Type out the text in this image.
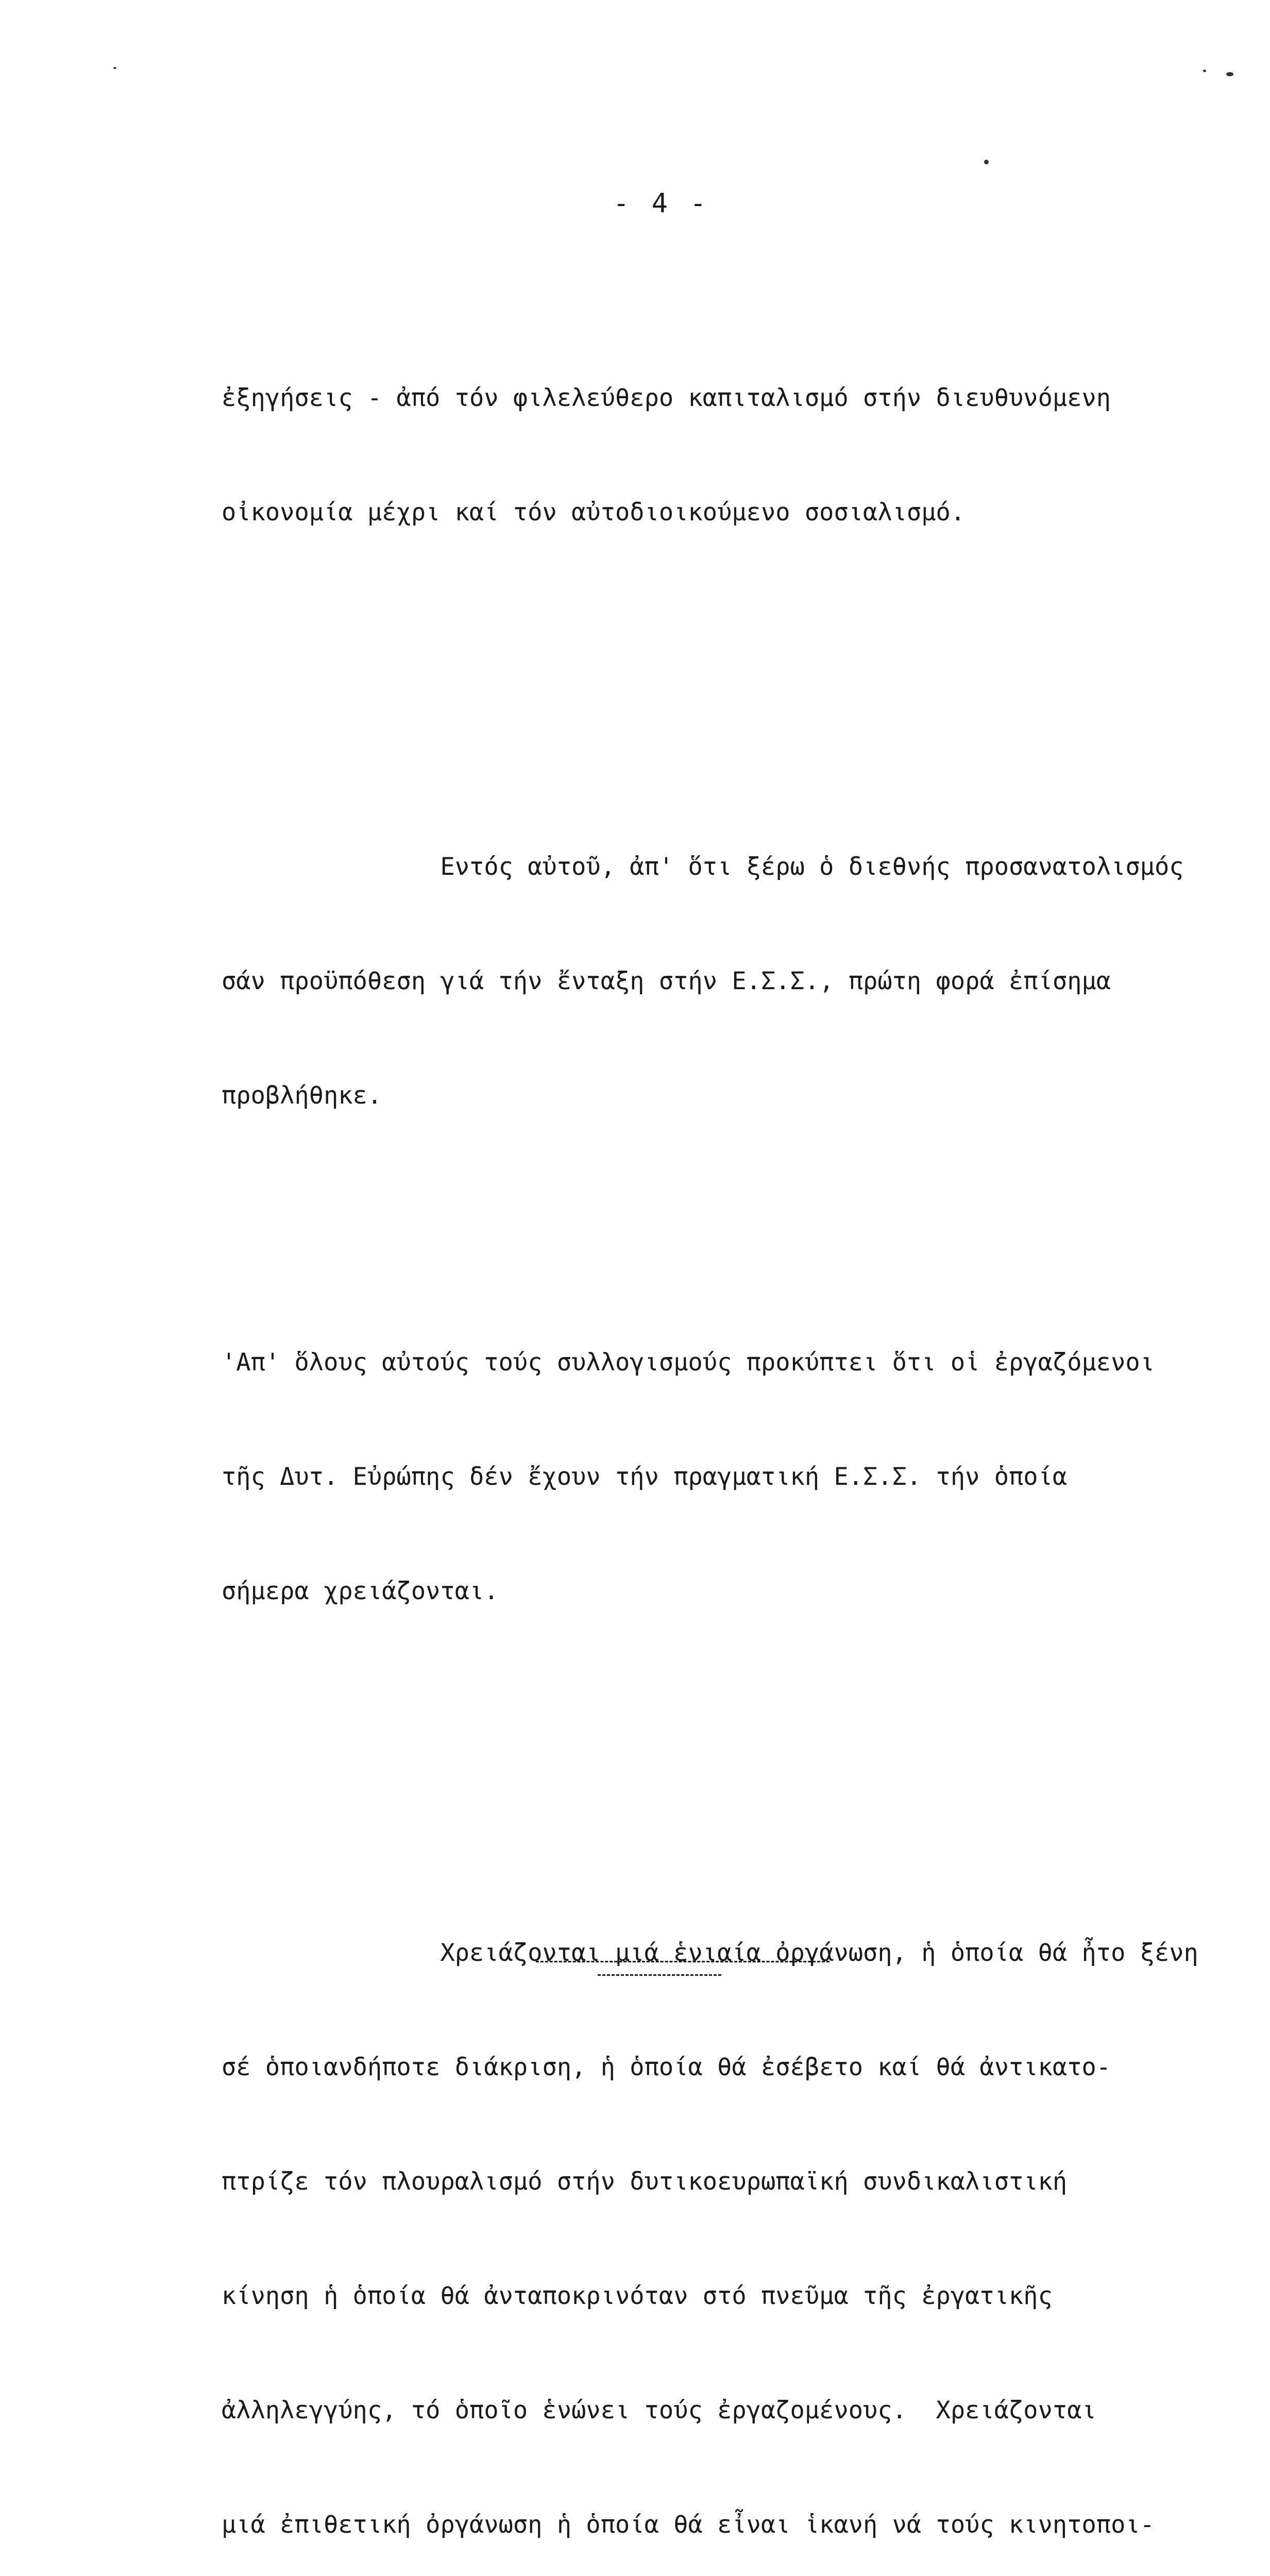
- 4 -

ἐξηγήσεις - ἀπό τόν φιλελεύθερο καπιταλισμό στήν διευθυνόμενη

οἰκονομία μέχρι καί τόν αὐτοδιοικούμενο σοσιαλισμό.

Εντός αὐτοῦ, ἀπ' ὅτι ξέρω ὁ διεθνής προσανατολισμός

σάν προϋπόθεση γιά τήν ἔνταξη στήν Ε.Σ.Σ., πρώτη φορά ἐπίσημα

προβλήθηκε.

'Απ' ὅλους αὐτούς τούς συλλογισμούς προκύπτει ὅτι οἱ ἐργαζόμενοι

τῆς Δυτ. Εὐρώπης δέν ἔχουν τήν πραγματική Ε.Σ.Σ. τήν ὁποία

σήμερα χρειάζονται.

Χρειάζονται μιά ἑνιαία ὀργάνωση, ἡ ὁποία θά ἦτο ξένη

σέ ὁποιανδήποτε διάκριση, ἡ ὁποία θά ἐσέβετο καί θά ἀντικατο-

πτρίζε τόν πλουραλισμό στήν δυτικοευρωπαϊκή συνδικαλιστική

κίνηση ἡ ὁποία θά ἀνταποκρινόταν στό πνεῦμα τῆς ἐργατικῆς

ἀλληλεγγύης, τό ὁποῖο ἑνώνει τούς ἐργαζομένους.  Χρειάζονται

μιά ἐπιθετική ὀργάνωση ἡ ὁποία θά εἶναι ἱκανή νά τούς κινητοποι-
